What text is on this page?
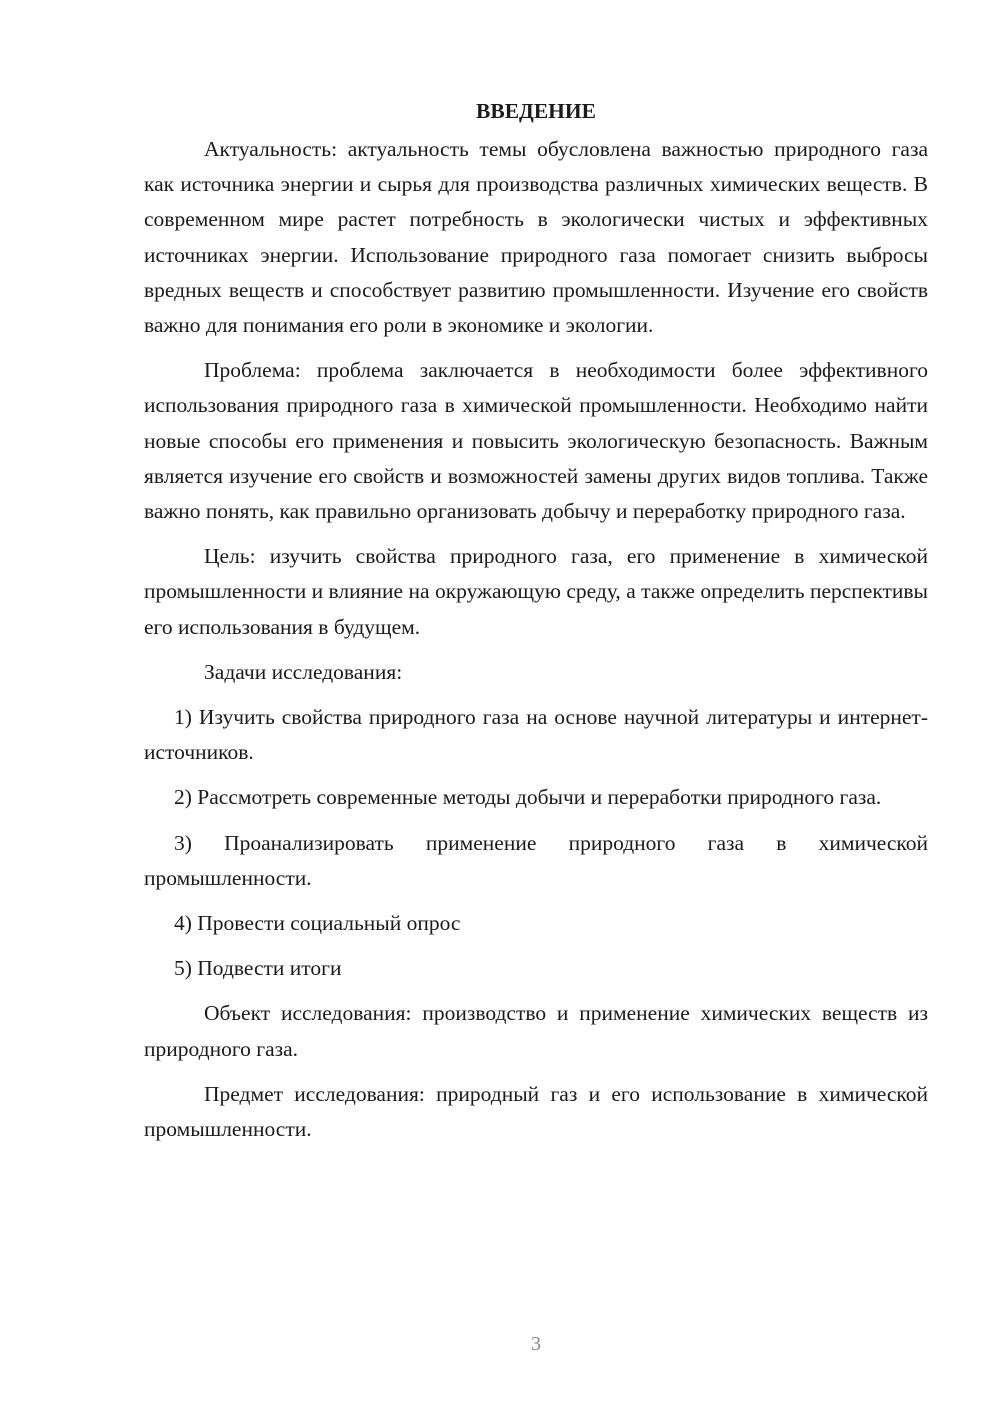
ВВЕДЕНИЕ

Актуальность: актуальность темы обусловлена важностью природного газа как источника энергии и сырья для производства различных химических веществ. В современном мире растет потребность в экологически чистых и эффективных источниках энергии. Использование природного газа помогает снизить выбросы вредных веществ и способствует развитию промышленности. Изучение его свойств важно для понимания его роли в экономике и экологии.

Проблема: проблема заключается в необходимости более эффективного использования природного газа в химической промышленности. Необходимо найти новые способы его применения и повысить экологическую безопасность. Важным является изучение его свойств и возможностей замены других видов топлива. Также важно понять, как правильно организовать добычу и переработку природного газа.

Цель: изучить свойства природного газа, его применение в химической промышленности и влияние на окружающую среду, а также определить перспективы его использования в будущем.

Задачи исследования:

1) Изучить свойства природного газа на основе научной литературы и интернет-источников.

2) Рассмотреть современные методы добычи и переработки природного газа.

3) Проанализировать применение природного газа в химической промышленности.

4) Провести социальный опрос

5) Подвести итоги

Объект исследования: производство и применение химических веществ из природного газа.

Предмет исследования: природный газ и его использование в химической промышленности.

3
